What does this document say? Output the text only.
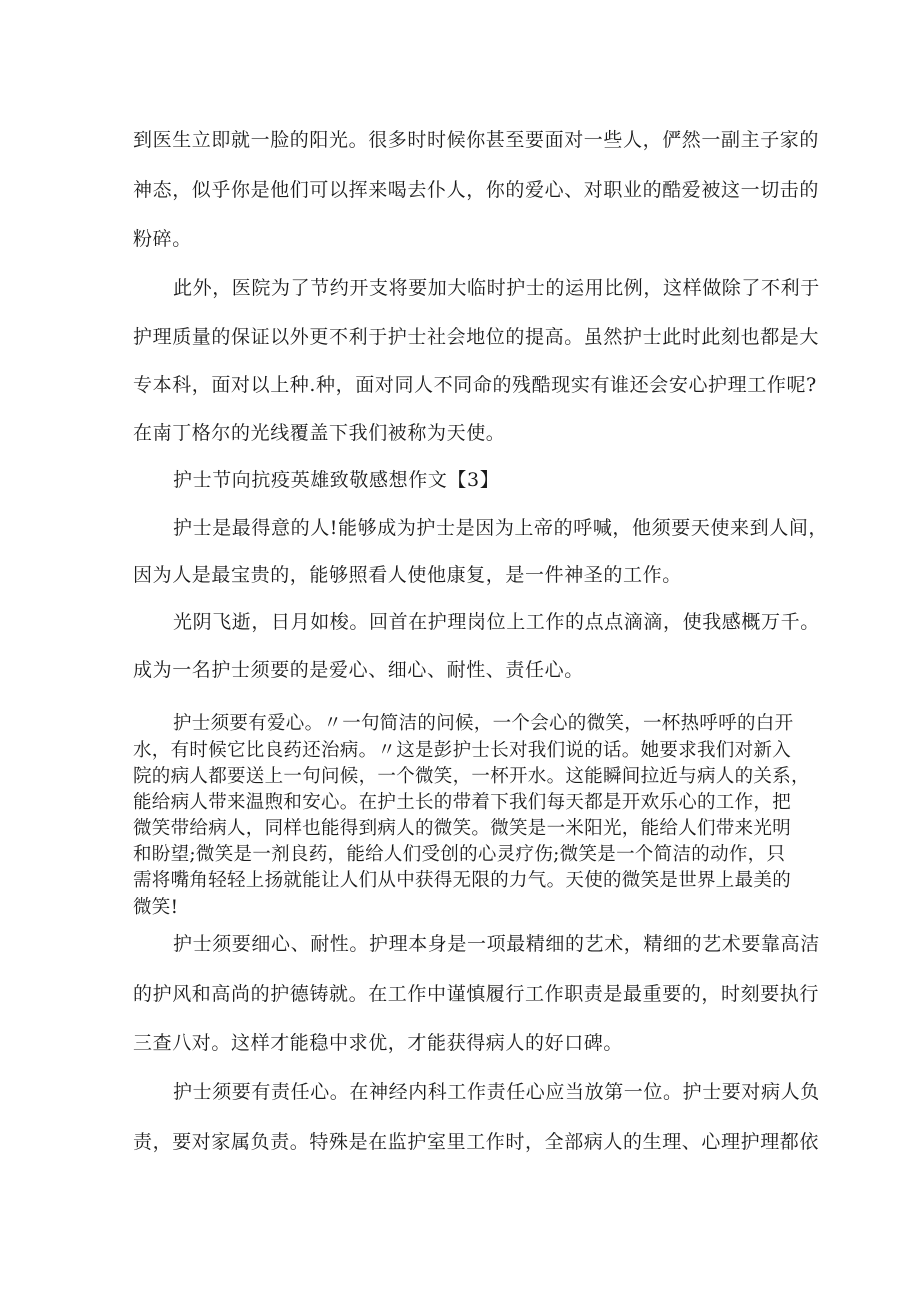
到医生立即就一脸的阳光。很多时时候你甚至要面对一些人，俨然一副主子家的
神态，似乎你是他们可以挥来喝去仆人，你的爱心、对职业的酷爱被这一切击的
粉碎。
此外，医院为了节约开支将要加大临时护士的运用比例，这样做除了不利于
护理质量的保证以外更不利于护士社会地位的提高。虽然护士此时此刻也都是大
专本科，面对以上种.种，面对同人不同命的残酷现实有谁还会安心护理工作呢?
在南丁格尔的光线覆盖下我们被称为天使。
护士节向抗疫英雄致敬感想作文【3】
护士是最得意的人!能够成为护士是因为上帝的呼喊，他须要天使来到人间，
因为人是最宝贵的，能够照看人使他康复，是一件神圣的工作。
光阴飞逝，日月如梭。回首在护理岗位上工作的点点滴滴，使我感概万千。
成为一名护士须要的是爱心、细心、耐性、责任心。
护士须要有爱心。〃一句简洁的问候，一个会心的微笑，一杯热呼呼的白开
水，有时候它比良药还治病。〃这是彭护士长对我们说的话。她要求我们对新入
院的病人都要送上一句问候，一个微笑，一杯开水。这能瞬间拉近与病人的关系，
能给病人带来温煦和安心。在护土长的带着下我们每天都是开欢乐心的工作，把
微笑带给病人，同样也能得到病人的微笑。微笑是一米阳光，能给人们带来光明
和盼望;微笑是一剂良药，能给人们受创的心灵疗伤;微笑是一个简洁的动作，只
需将嘴角轻轻上扬就能让人们从中获得无限的力气。天使的微笑是世界上最美的
微笑!
护士须要细心、耐性。护理本身是一项最精细的艺术，精细的艺术要靠高洁
的护风和高尚的护德铸就。在工作中谨慎履行工作职责是最重要的，时刻要执行
三查八对。这样才能稳中求优，才能获得病人的好口碑。
护士须要有责任心。在神经内科工作责任心应当放第一位。护士要对病人负
责，要对家属负责。特殊是在监护室里工作时，全部病人的生理、心理护理都依
